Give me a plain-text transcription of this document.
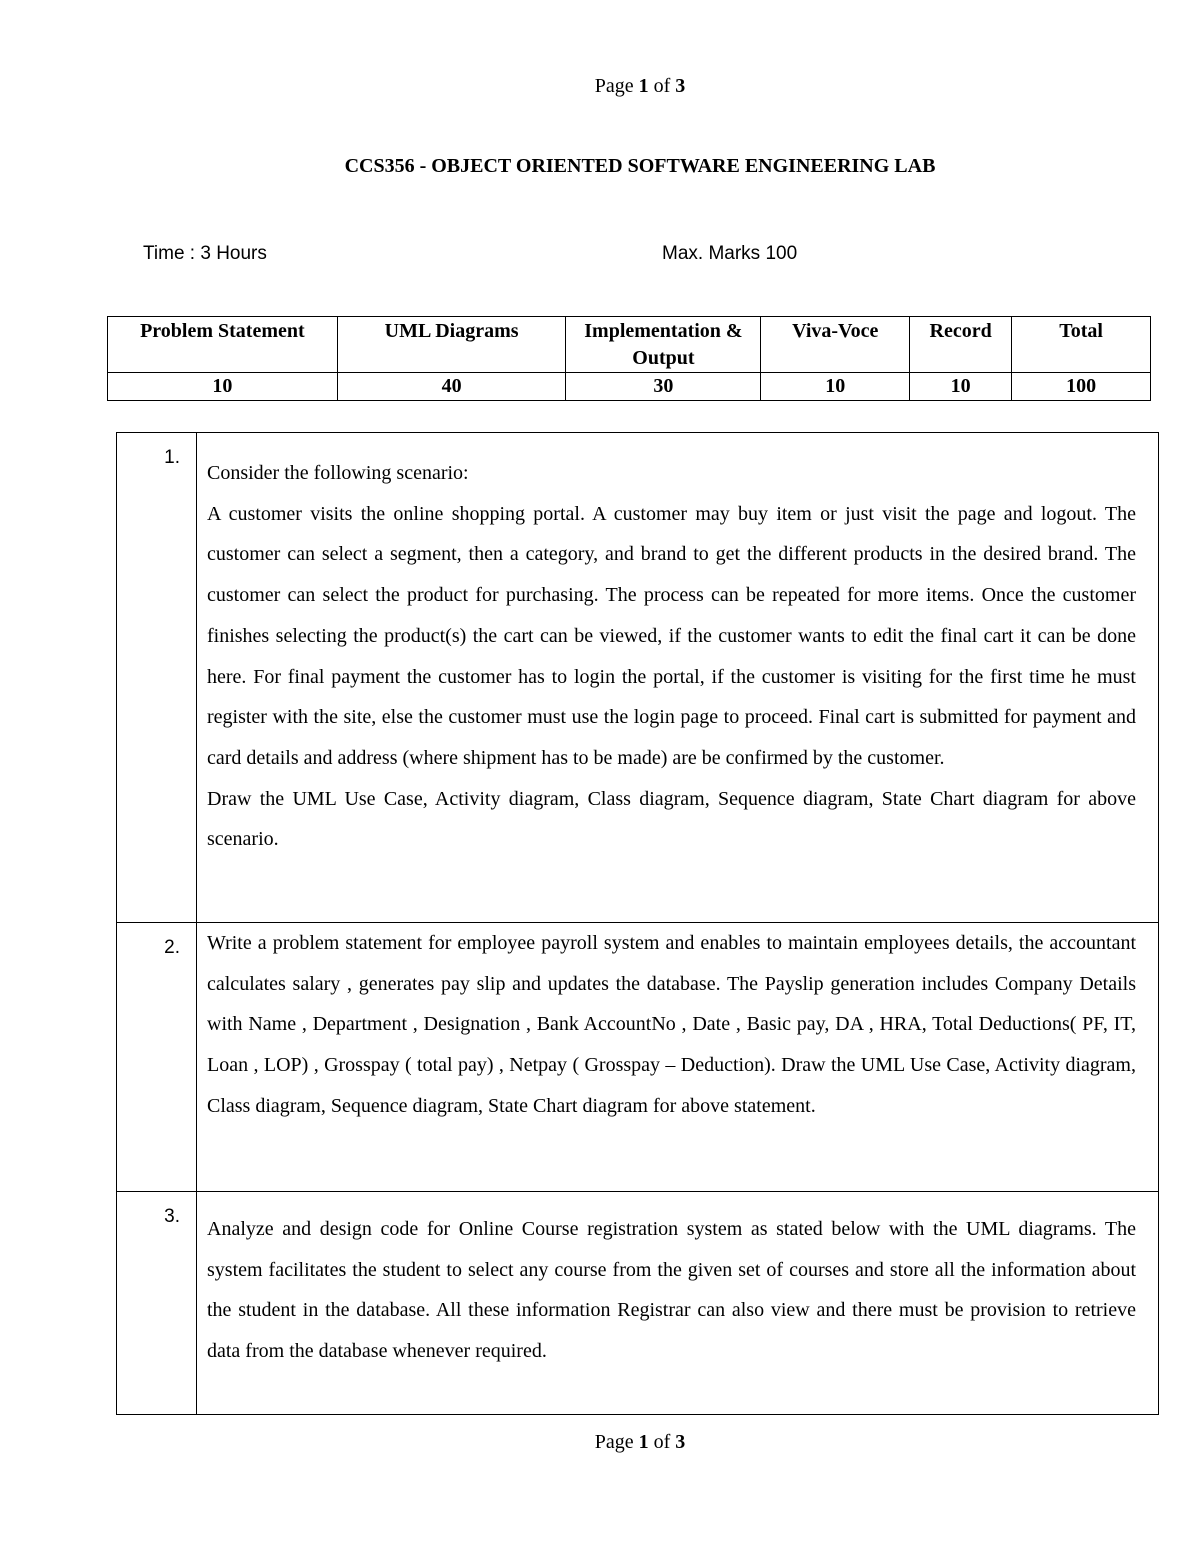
Page 1 of 3
CCS356 - OBJECT ORIENTED SOFTWARE ENGINEERING LAB
Time : 3 Hours	Max. Marks 100
Problem Statement	UML Diagrams	Implementation & Output	Viva-Voce	Record	Total
10	40	30	10	10	100
1.	Consider the following scenario:

A customer visits the online shopping portal. A customer may buy item or just visit the page and logout. The customer can select a segment, then a category, and brand to get the different products in the desired brand. The customer can select the product for purchasing. The process can be repeated for more items. Once the customer finishes selecting the product(s) the cart can be viewed, if the customer wants to edit the final cart it can be done here. For final payment the customer has to login the portal, if the customer is visiting for the first time he must register with the site, else the customer must use the login page to proceed. Final cart is submitted for payment and card details and address (where shipment has to be made) are be confirmed by the customer.

Draw the UML Use Case, Activity diagram, Class diagram, Sequence diagram, State Chart diagram for above scenario.

2.	Write a problem statement for employee payroll system and enables to maintain employees details, the accountant calculates salary , generates pay slip and updates the database. The Payslip generation includes Company Details with Name , Department , Designation , Bank AccountNo , Date , Basic pay, DA , HRA, Total Deductions( PF, IT, Loan , LOP) , Grosspay ( total pay) , Netpay ( Grosspay – Deduction). Draw the UML Use Case, Activity diagram, Class diagram, Sequence diagram, State Chart diagram for above statement.

3.	Analyze and design code for Online Course registration system as stated below with the UML diagrams. The system facilitates the student to select any course from the given set of courses and store all the information about the student in the database. All these information Registrar can also view and there must be provision to retrieve data from the database whenever required.

Page 1 of 3
